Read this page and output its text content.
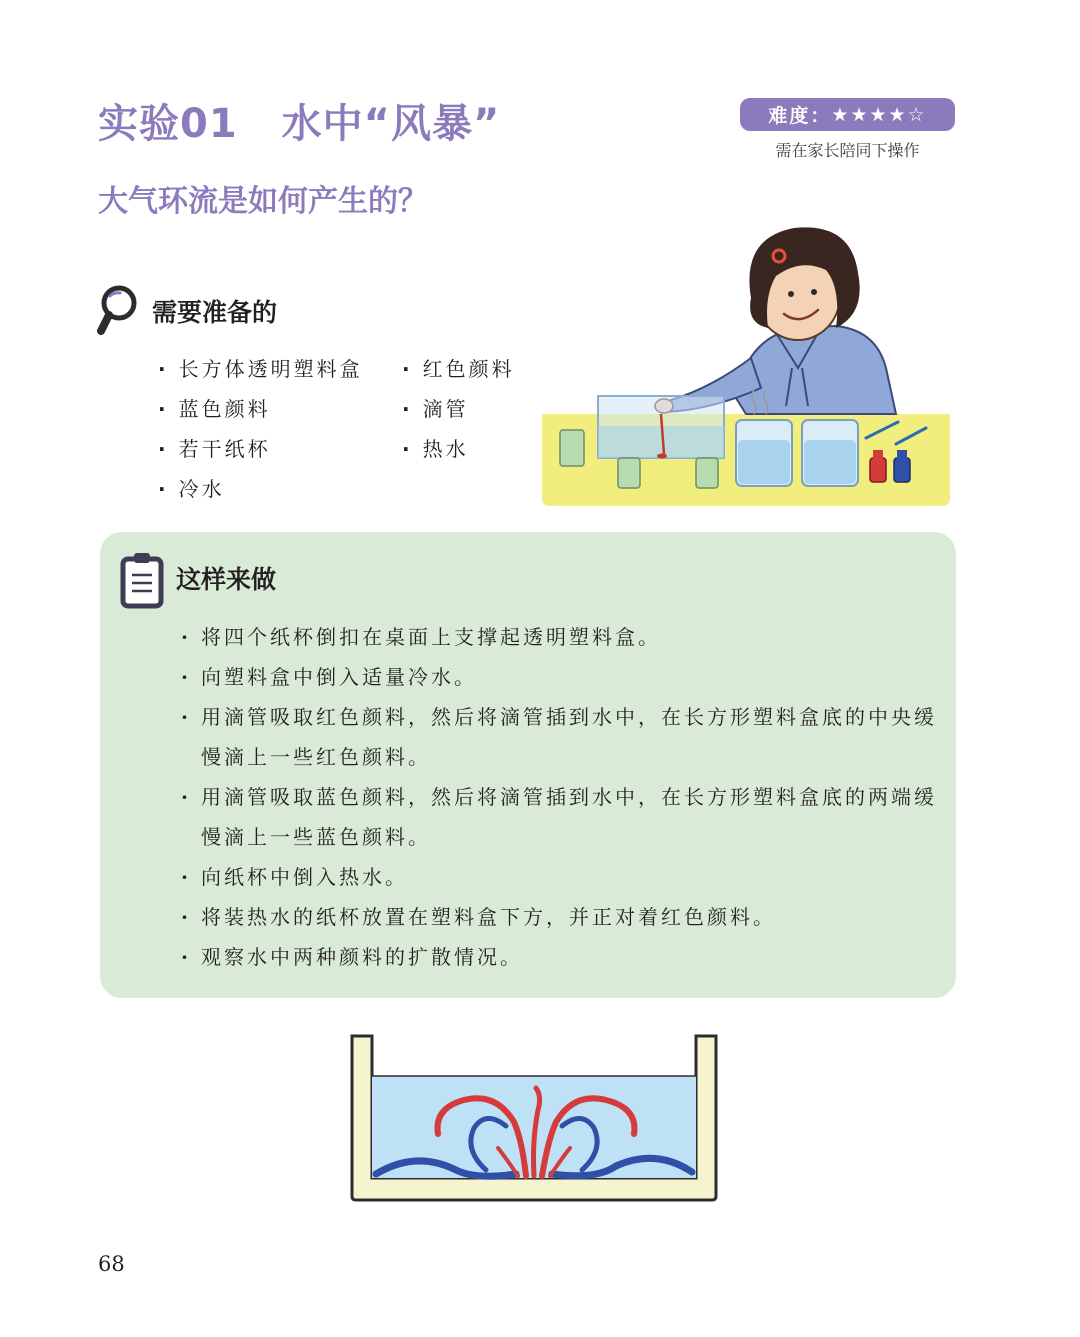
实验01 水中“风暴”	难度： ★★★★☆
需在家长陪同下操作
大气环流是如何产生的？
需要准备的
· 长方体透明塑料盒
· 蓝色颜料
· 若干纸杯
· 冷水
· 红色颜料
· 滴管
· 热水
这样来做
· 将四个纸杯倒扣在桌面上支撑起透明塑料盒。
· 向塑料盒中倒入适量冷水。
· 用滴管吸取红色颜料，然后将滴管插到水中，在长方形塑料盒底的中央缓慢滴上一些红色颜料。
· 用滴管吸取蓝色颜料，然后将滴管插到水中，在长方形塑料盒底的两端缓慢滴上一些蓝色颜料。
· 向纸杯中倒入热水。
· 将装热水的纸杯放置在塑料盒下方，并正对着红色颜料。
· 观察水中两种颜料的扩散情况。
68
